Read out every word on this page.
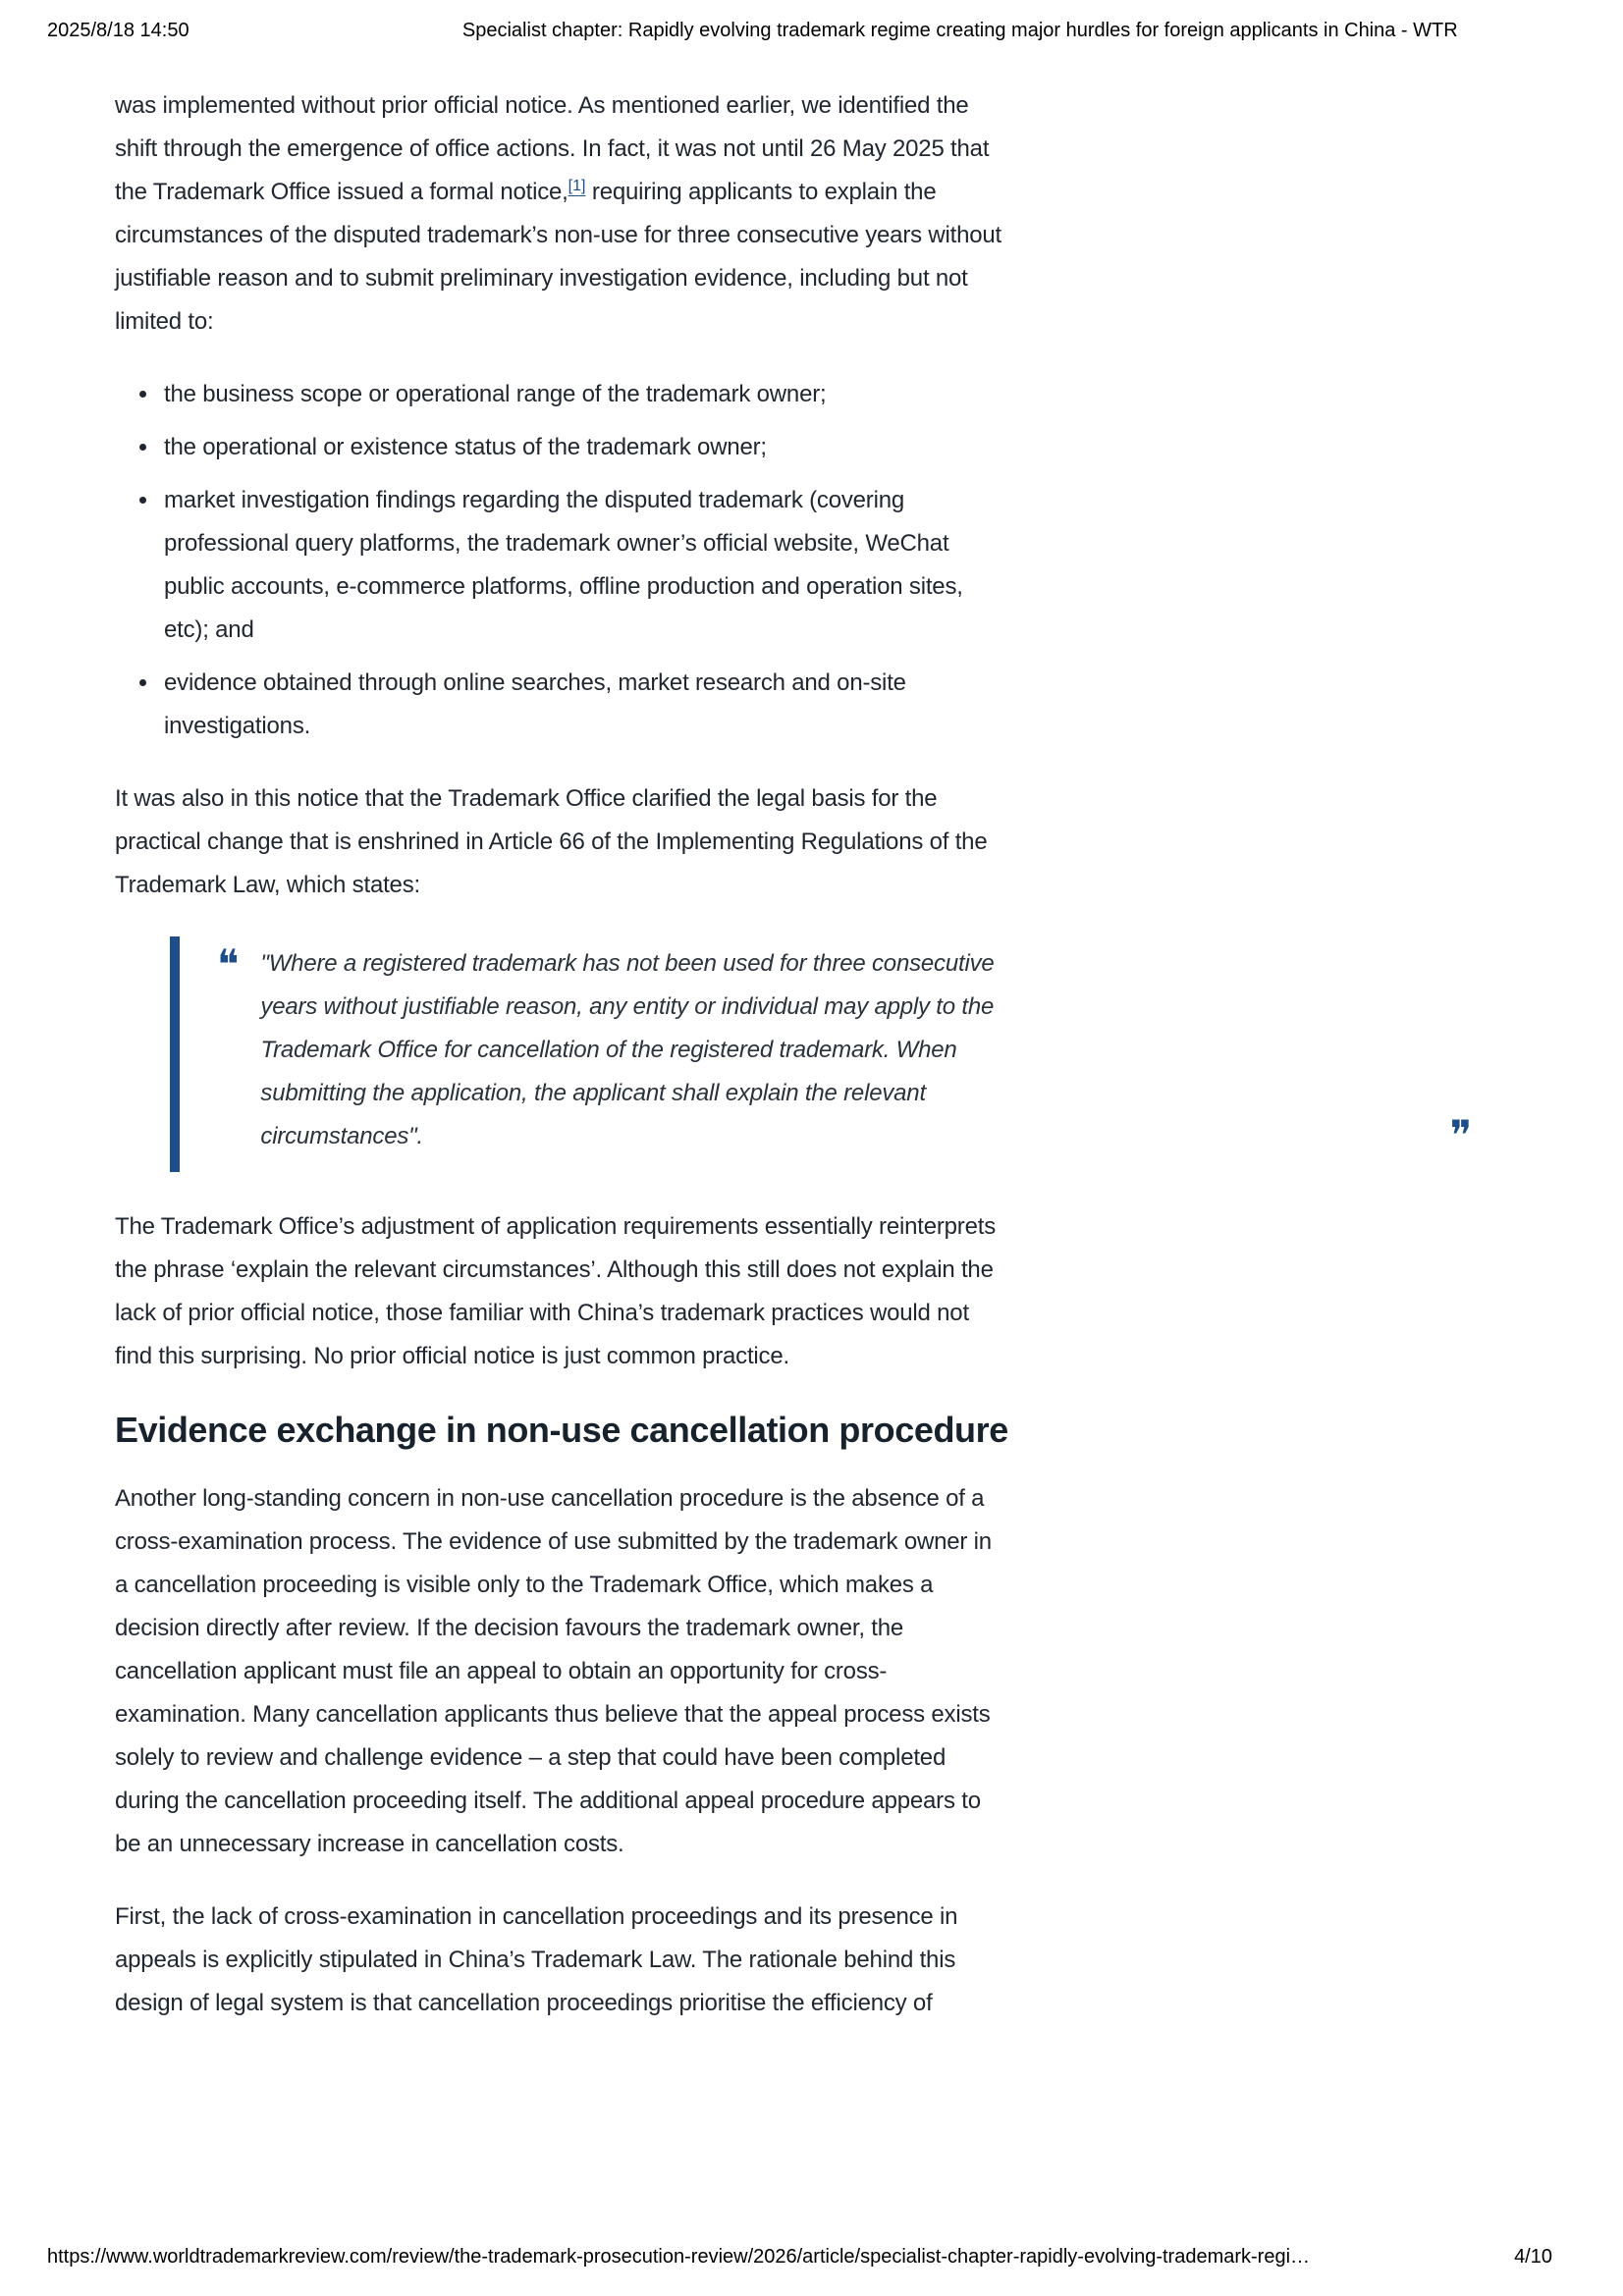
2025/8/18 14:50	Specialist chapter: Rapidly evolving trademark regime creating major hurdles for foreign applicants in China - WTR

was implemented without prior official notice. As mentioned earlier, we identified the shift through the emergence of office actions. In fact, it was not until 26 May 2025 that the Trademark Office issued a formal notice,[1] requiring applicants to explain the circumstances of the disputed trademark’s non-use for three consecutive years without justifiable reason and to submit preliminary investigation evidence, including but not limited to:

• the business scope or operational range of the trademark owner;
• the operational or existence status of the trademark owner;
• market investigation findings regarding the disputed trademark (covering professional query platforms, the trademark owner’s official website, WeChat public accounts, e-commerce platforms, offline production and operation sites, etc); and
• evidence obtained through online searches, market research and on-site investigations.

It was also in this notice that the Trademark Office clarified the legal basis for the practical change that is enshrined in Article 66 of the Implementing Regulations of the Trademark Law, which states:

❝ "Where a registered trademark has not been used for three consecutive years without justifiable reason, any entity or individual may apply to the Trademark Office for cancellation of the registered trademark. When submitting the application, the applicant shall explain the relevant circumstances".	❞

The Trademark Office’s adjustment of application requirements essentially reinterprets the phrase ‘explain the relevant circumstances’. Although this still does not explain the lack of prior official notice, those familiar with China’s trademark practices would not find this surprising. No prior official notice is just common practice.

Evidence exchange in non-use cancellation procedure

Another long-standing concern in non-use cancellation procedure is the absence of a cross-examination process. The evidence of use submitted by the trademark owner in a cancellation proceeding is visible only to the Trademark Office, which makes a decision directly after review. If the decision favours the trademark owner, the cancellation applicant must file an appeal to obtain an opportunity for cross-examination. Many cancellation applicants thus believe that the appeal process exists solely to review and challenge evidence – a step that could have been completed during the cancellation proceeding itself. The additional appeal procedure appears to be an unnecessary increase in cancellation costs.

First, the lack of cross-examination in cancellation proceedings and its presence in appeals is explicitly stipulated in China’s Trademark Law. The rationale behind this design of legal system is that cancellation proceedings prioritise the efficiency of

https://www.worldtrademarkreview.com/review/the-trademark-prosecution-review/2026/article/specialist-chapter-rapidly-evolving-trademark-regi…	4/10
